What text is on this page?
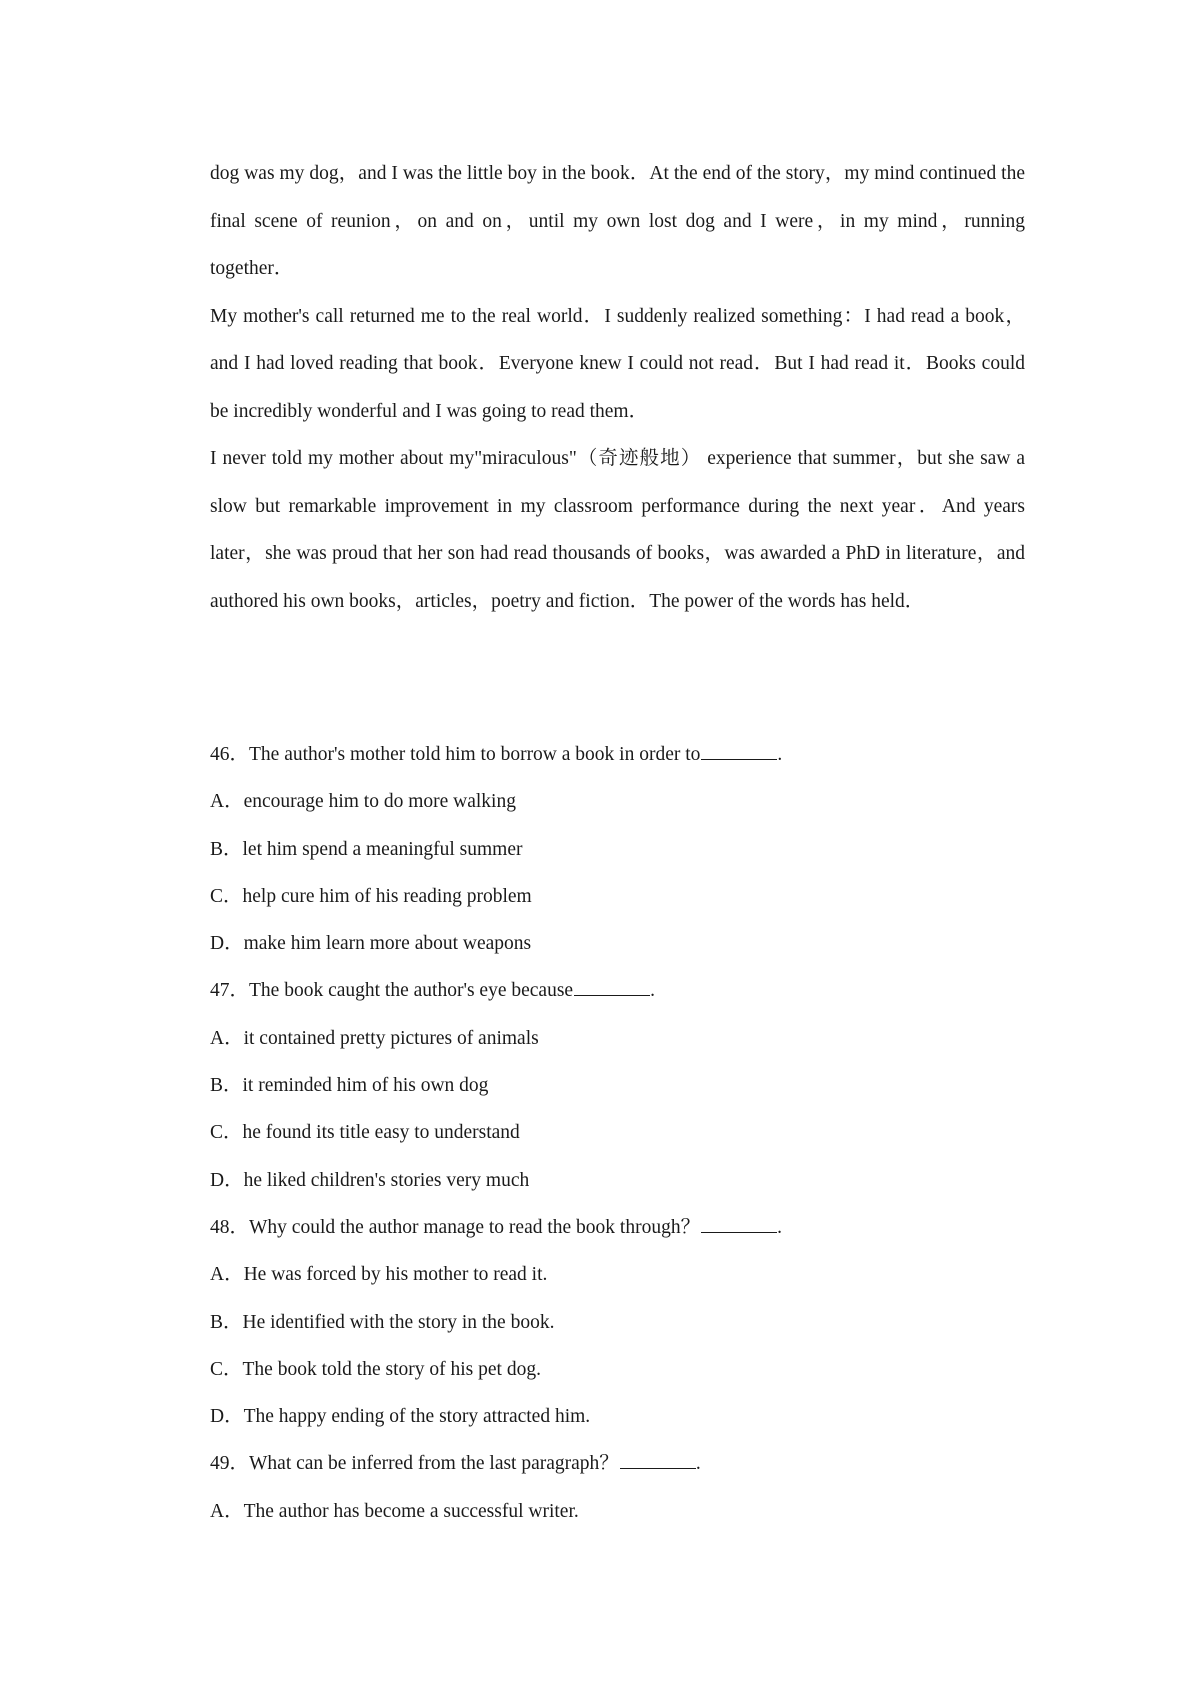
dog was my dog，and I was the little boy in the book．At the end of the story，my mind continued the final scene of reunion，on and on，until my own lost dog and I were，in my mind，running together．

My mother's call returned me to the real world．I suddenly realized something：I had read a book，and I had loved reading that book．Everyone knew I could not read．But I had read it．Books could be incredibly wonderful and I was going to read them．

I never told my mother about my"miraculous"（奇迹般地） experience that summer，but she saw a slow but remarkable improvement in my classroom performance during the next year．And years later，she was proud that her son had read thousands of books，was awarded a PhD in literature，and authored his own books，articles，poetry and fiction．The power of the words has held．

46．The author's mother told him to borrow a book in order to	.

A．encourage him to do more walking

B．let him spend a meaningful summer

C．help cure him of his reading problem

D．make him learn more about weapons

47．The book caught the author's eye because	.

A．it contained pretty pictures of animals

B．it reminded him of his own dog

C．he found its title easy to understand

D．he liked children's stories very much

48．Why could the author manage to read the book through？	.

A．He was forced by his mother to read it.

B．He identified with the story in the book.

C．The book told the story of his pet dog.

D．The happy ending of the story attracted him.

49．What can be inferred from the last paragraph？	.

A．The author has become a successful writer.
